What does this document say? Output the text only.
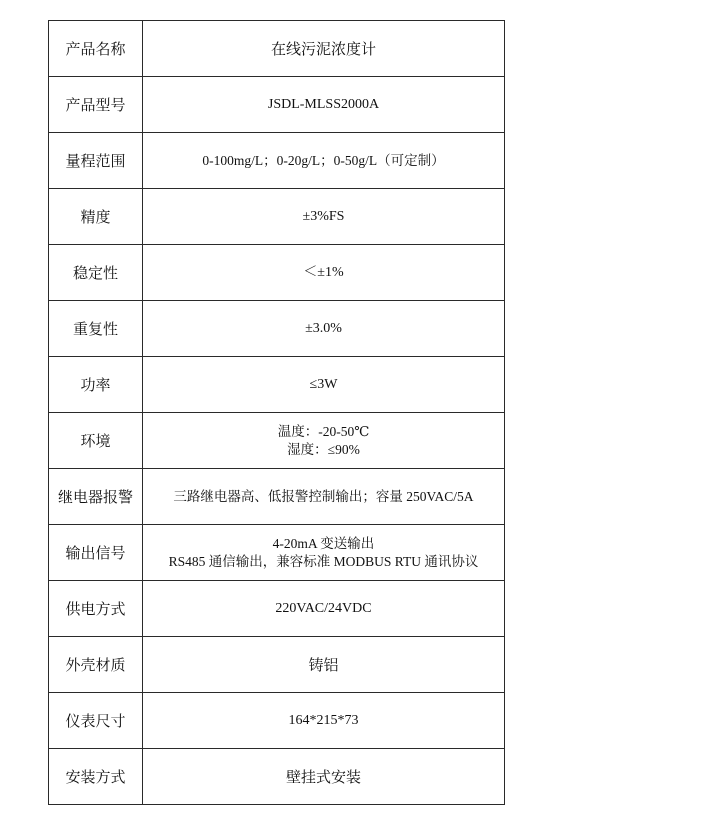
产品名称	在线污泥浓度计

产品型号	JSDL-MLSS2000A

量程范围	0-100mg/L；0-20g/L；0-50g/L（可定制）

精度	±3%FS

稳定性	＜±1%

重复性	±3.0%

功率	≤3W

环境	温度：-20-50℃
湿度：≤90%

继电器报警	三路继电器高、低报警控制输出；容量 250VAC/5A

输出信号	4-20mA 变送输出
RS485 通信输出，兼容标准 MODBUS RTU 通讯协议

供电方式	220VAC/24VDC

外壳材质	铸铝

仪表尺寸	164*215*73

安装方式	壁挂式安装
